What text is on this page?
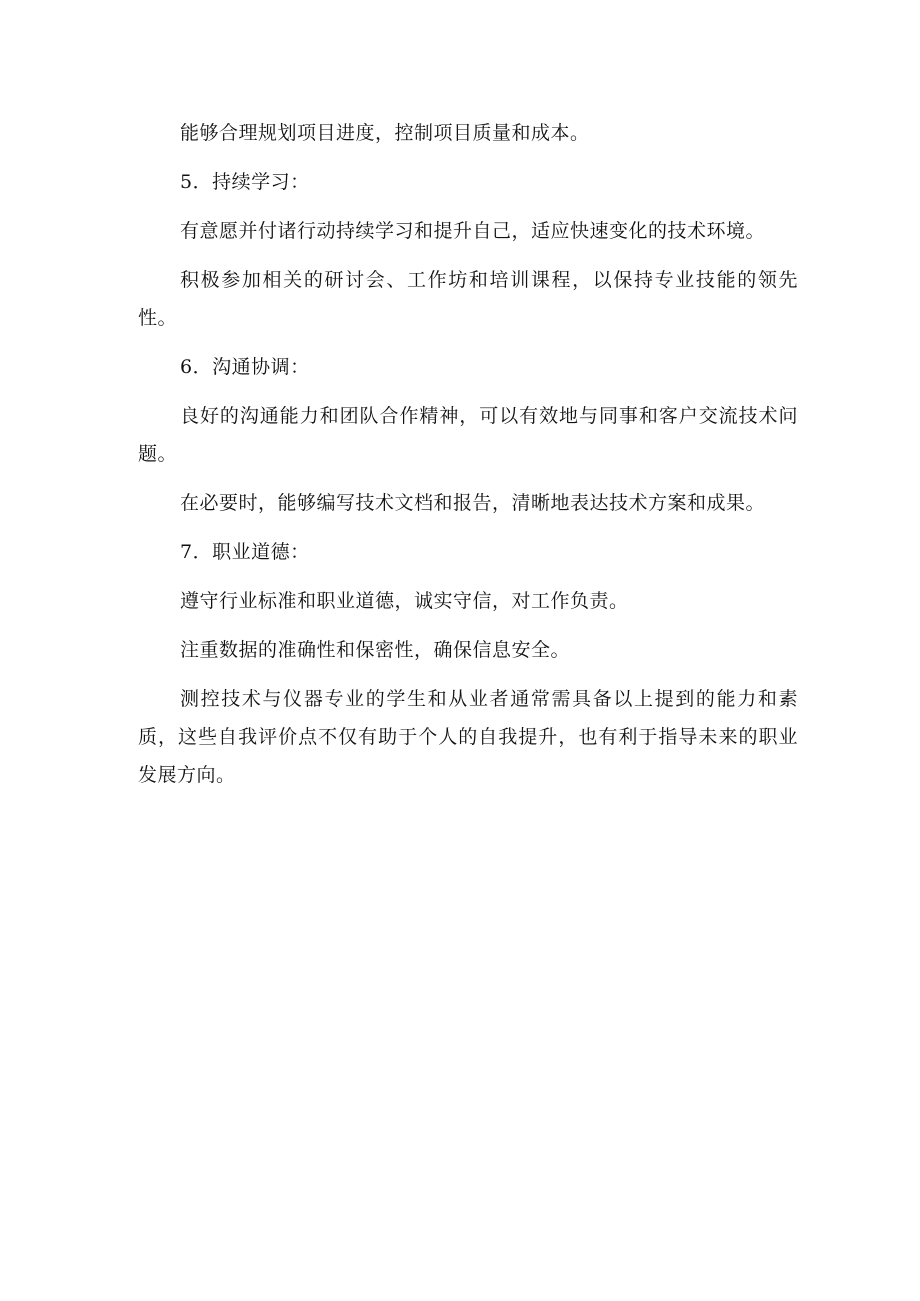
能够合理规划项目进度，控制项目质量和成本。

5．持续学习：

有意愿并付诸行动持续学习和提升自己，适应快速变化的技术环境。

积极参加相关的研讨会、工作坊和培训课程，以保持专业技能的领先性。

6．沟通协调：

良好的沟通能力和团队合作精神，可以有效地与同事和客户交流技术问题。

在必要时，能够编写技术文档和报告，清晰地表达技术方案和成果。

7．职业道德：

遵守行业标准和职业道德，诚实守信，对工作负责。

注重数据的准确性和保密性，确保信息安全。

测控技术与仪器专业的学生和从业者通常需具备以上提到的能力和素质，这些自我评价点不仅有助于个人的自我提升，也有利于指导未来的职业发展方向。
